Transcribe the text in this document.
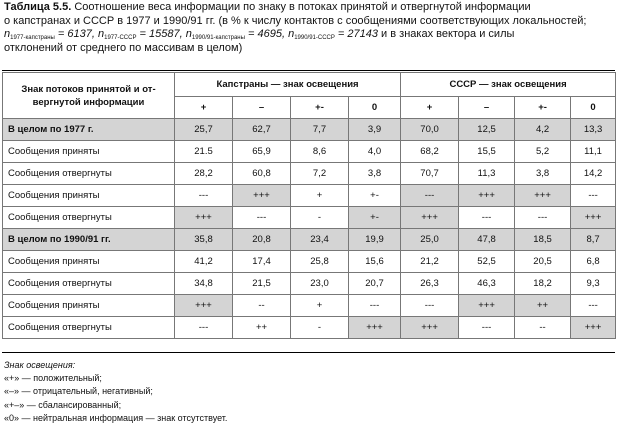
Таблица 5.5. Соотношение веса информации по знаку в потоках принятой и отвергнутой информации
о капстранах и СССР в 1977 и 1990/91 гг. (в % к числу контактов с сообщениями соответствующих локальностей;
$n_{1977-капстраны} = 6137$, $n_{1977-СССР} = 15587$, $n_{1990/91-капстраны} = 4695$, $n_{1990/91-СССР} = 27143$ и в знаках вектора и силы
отклонений от среднего по массивам в целом)
Знак потоков принятой и от-вергнутой информации	Капстраны — знак освещения				СССР — знак освещения			
	+	–	+-	0	+	–	+-	0
В целом по 1977 г.	25,7	62,7	7,7	3,9	70,0	12,5	4,2	13,3
Сообщения приняты	21.5	65,9	8,6	4,0	68,2	15,5	5,2	11,1
Сообщения отвергнуты	28,2	60,8	7,2	3,8	70,7	11,3	3,8	14,2
Сообщения приняты	---	+++	+	+-	---	+++	+++	---
Сообщения отвергнуты	+++	---	-	+-	+++	---	---	+++
В целом по 1990/91 гг.	35,8	20,8	23,4	19,9	25,0	47,8	18,5	8,7
Сообщения приняты	41,2	17,4	25,8	15,6	21,2	52,5	20,5	6,8
Сообщения отвергнуты	34,8	21,5	23,0	20,7	26,3	46,3	18,2	9,3
Сообщения приняты	+++	--	+	---	---	+++	++	---
Сообщения отвергнуты	---	++	-	+++	+++	---	--	+++
Знак освещения:
«+» — положительный;
«–» — отрицательный, негативный;
«+–» — сбалансированный;
«0» — нейтральная информация — знак отсутствует.
